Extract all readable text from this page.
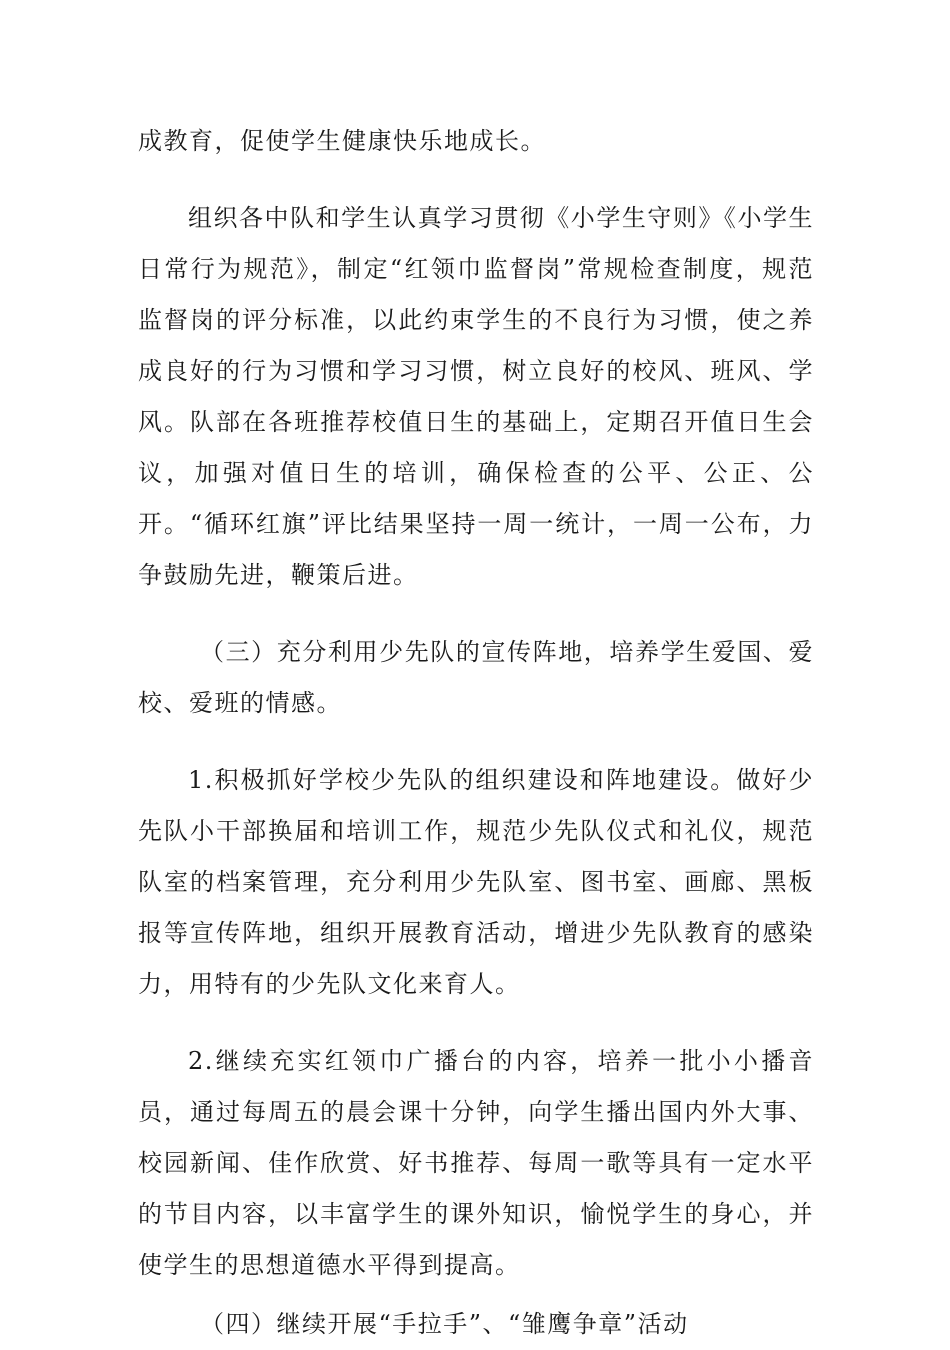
成教育，促使学生健康快乐地成长。

组织各中队和学生认真学习贯彻《小学生守则》《小学生日常行为规范》，制定“红领巾监督岗”常规检查制度，规范监督岗的评分标准，以此约束学生的不良行为习惯，使之养成良好的行为习惯和学习习惯，树立良好的校风、班风、学风。队部在各班推荐校值日生的基础上，定期召开值日生会议，加强对值日生的培训，确保检查的公平、公正、公开。“循环红旗”评比结果坚持一周一统计，一周一公布，力争鼓励先进，鞭策后进。

（三）充分利用少先队的宣传阵地，培养学生爱国、爱校、爱班的情感。

1.积极抓好学校少先队的组织建设和阵地建设。做好少先队小干部换届和培训工作，规范少先队仪式和礼仪，规范队室的档案管理，充分利用少先队室、图书室、画廊、黑板报等宣传阵地，组织开展教育活动，增进少先队教育的感染力，用特有的少先队文化来育人。

2.继续充实红领巾广播台的内容，培养一批小小播音员，通过每周五的晨会课十分钟，向学生播出国内外大事、校园新闻、佳作欣赏、好书推荐、每周一歌等具有一定水平的节目内容，以丰富学生的课外知识，愉悦学生的身心，并使学生的思想道德水平得到提高。

（四）继续开展“手拉手”、“雏鹰争章”活动
